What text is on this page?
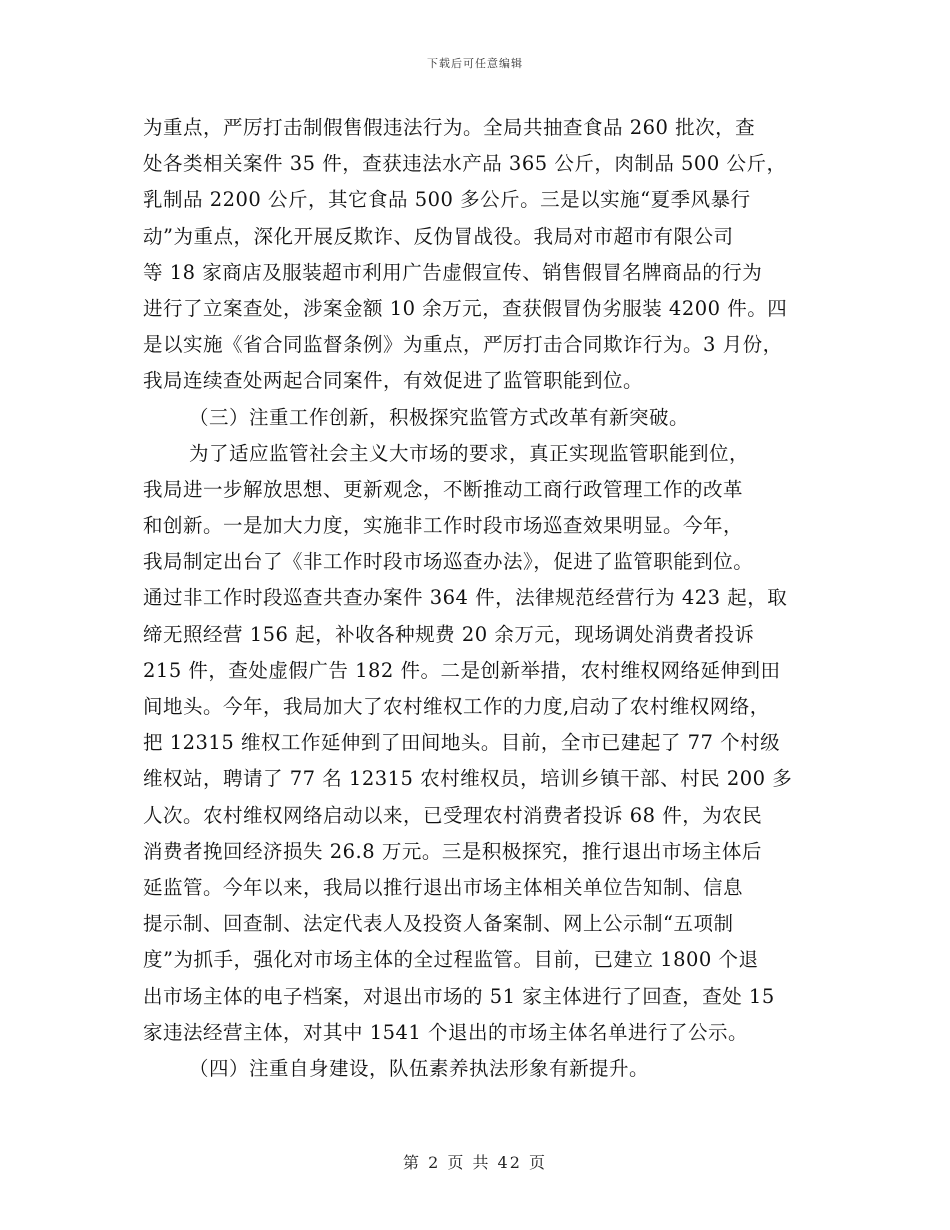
下载后可任意编辑
为重点，严厉打击制假售假违法行为。全局共抽查食品 260 批次，查
处各类相关案件 35 件，查获违法水产品 365 公斤，肉制品 500 公斤，
乳制品 2200 公斤，其它食品 500 多公斤。三是以实施“夏季风暴行
动”为重点，深化开展反欺诈、反伪冒战役。我局对市超市有限公司
等 18 家商店及服装超市利用广告虚假宣传、销售假冒名牌商品的行为
进行了立案查处，涉案金额 10 余万元，查获假冒伪劣服装 4200 件。四
是以实施《省合同监督条例》为重点，严厉打击合同欺诈行为。3 月份，
我局连续查处两起合同案件，有效促进了监管职能到位。
（三）注重工作创新，积极探究监管方式改革有新突破。
为了适应监管社会主义大市场的要求，真正实现监管职能到位，
我局进一步解放思想、更新观念，不断推动工商行政管理工作的改革
和创新。一是加大力度，实施非工作时段市场巡查效果明显。今年，
我局制定出台了《非工作时段市场巡查办法》，促进了监管职能到位。
通过非工作时段巡查共查办案件 364 件，法律规范经营行为 423 起，取
缔无照经营 156 起，补收各种规费 20 余万元，现场调处消费者投诉
215 件，查处虚假广告 182 件。二是创新举措，农村维权网络延伸到田
间地头。今年，我局加大了农村维权工作的力度,启动了农村维权网络，
把 12315 维权工作延伸到了田间地头。目前，全市已建起了 77 个村级
维权站，聘请了 77 名 12315 农村维权员，培训乡镇干部、村民 200 多
人次。农村维权网络启动以来，已受理农村消费者投诉 68 件，为农民
消费者挽回经济损失 26.8 万元。三是积极探究，推行退出市场主体后
延监管。今年以来，我局以推行退出市场主体相关单位告知制、信息
提示制、回查制、法定代表人及投资人备案制、网上公示制“五项制
度”为抓手，强化对市场主体的全过程监管。目前，已建立 1800 个退
出市场主体的电子档案，对退出市场的 51 家主体进行了回查，查处 15
家违法经营主体，对其中 1541 个退出的市场主体名单进行了公示。
（四）注重自身建设，队伍素养执法形象有新提升。
第 2 页 共 42 页
